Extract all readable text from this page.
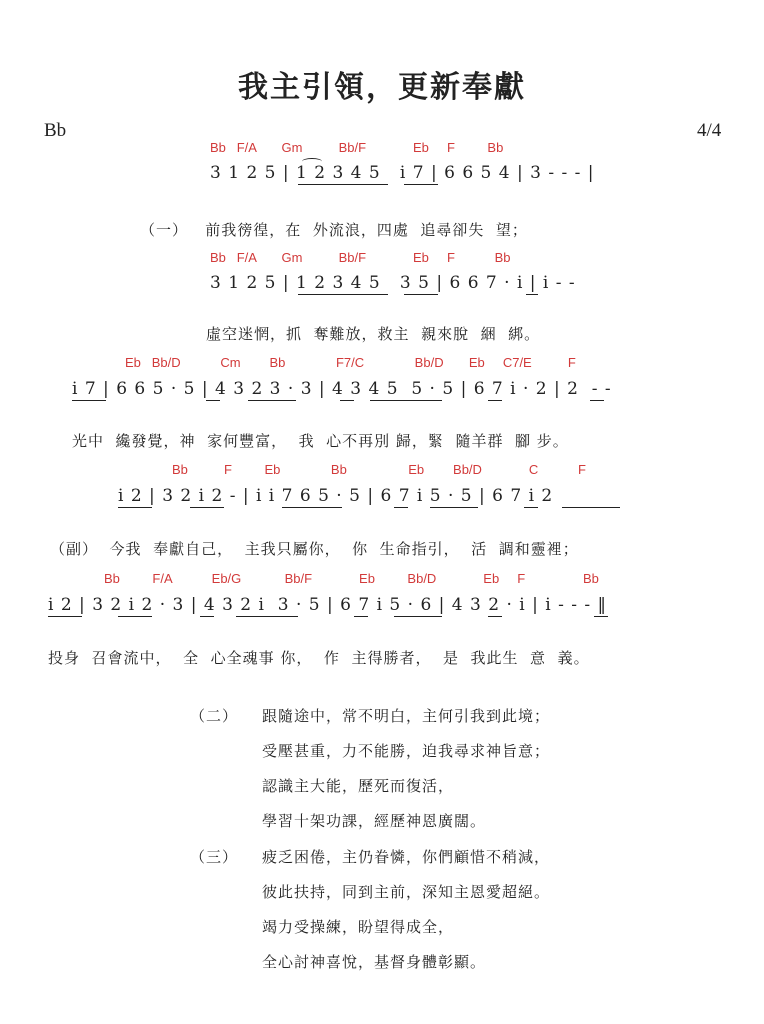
我主引領，更新奉獻
Bb	4/4
Bb   F/A       Gm          Bb/F             Eb     F         Bb
3 1 2 5 | 1 2 3 4 5   i 7 | 6 6 5 4 | 3 - - - |
（一）   前我徬徨，在  外流浪，四處  追尋卻失  望；
Bb   F/A       Gm          Bb/F             Eb     F           Bb
3 1 2 5 | 1 2 3 4 5   3 5 | 6 6 7 · i | i - -
虛空迷惘，抓  奪難放，救主  親來脫  綑  綁。
Eb   Bb/D           Cm        Bb              F7/C              Bb/D       Eb     C7/E          F
i 7 | 6 6 5 · 5 | 4 3 2 3 · 3 | 4 3 4 5  5 · 5 | 6 7 i · 2 | 2  - -
光中  纔發覺，神  家何豐富，  我  心不再別 歸，緊  隨羊群  腳 步。
Bb          F         Eb              Bb                 Eb        Bb/D             C           F
i 2 | 3 2 i 2 - | i i 7 6 5 · 5 | 6 7 i 5 · 5 | 6 7 i 2
（副）  今我  奉獻自己，  主我只屬你，  你  生命指引，  活  調和靈裡；
Bb         F/A           Eb/G            Bb/F             Eb         Bb/D             Eb     F                Bb
i 2 | 3 2 i 2 · 3 | 4 3 2 i  3 · 5 | 6 7 i 5 · 6 | 4 3 2 · i | i - - - ‖
投身  召會流中，  全  心全魂事 你，  作  主得勝者，  是  我此生  意  義。
（二） 跟隨途中，常不明白，主何引我到此境；
受壓甚重，力不能勝，迫我尋求神旨意；
認識主大能，歷死而復活，
學習十架功課，經歷神恩廣闊。
（三） 疲乏困倦，主仍眷憐，你們顧惜不稍減，
彼此扶持，同到主前，深知主恩愛超絕。
竭力受操練，盼望得成全，
全心討神喜悅，基督身體彰顯。
